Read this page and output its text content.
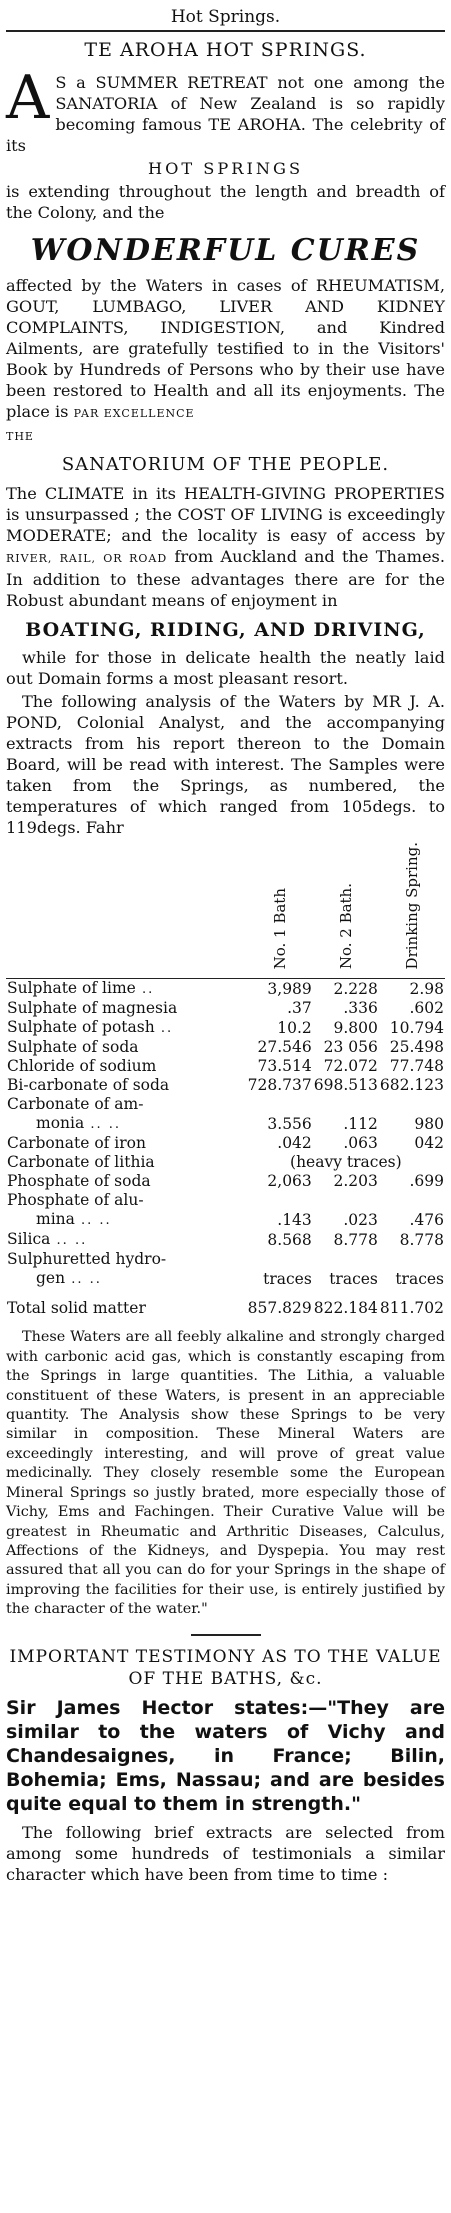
Hot Springs.
TE AROHA HOT SPRINGS.
A S a SUMMER RETREAT not one among the SANATORIA of New Zealand is so rapidly becoming famous TE AROHA. The celebrity of its

HOT SPRINGS

is extending throughout the length and breadth of the Colony, and the

WONDERFUL CURES

affected by the Waters in cases of RHEUMATISM, GOUT, LUMBAGO, LIVER AND KIDNEY COMPLAINTS, INDIGESTION, and Kindred Ailments, are gratefully testified to in the Visitors' Book by Hundreds of Persons who by their use have been restored to Health and all its enjoyments. The place is PAR EXCELLENCE

THE
SANATORIUM OF THE PEOPLE.

The CLIMATE in its HEALTH-GIVING PROPERTIES is unsurpassed ; the COST OF LIVING is exceedingly MODERATE; and the locality is easy of access by RIVER, RAIL, OR ROAD from Auckland and the Thames. In addition to these advantages there are for the Robust abundant means of enjoyment in

BOATING, RIDING, AND DRIVING,

while for those in delicate health the neatly laid out Domain forms a most pleasant resort.

The following analysis of the Waters by MR J. A. POND, Colonial Analyst, and the accompanying extracts from his report thereon to the Domain Board, will be read with interest. The Samples were taken from the Springs, as numbered, the temperatures of which ranged from 105degs. to 119degs. Fahr

	No. 1 Bath	No. 2 Bath.	Drinking Spring.

Sulphate of lime ..	3,989	2.228	2.98
Sulphate of magnesia	.37	.336	.602
Sulphate of potash ..	10.2	9.800	10.794
Sulphate of soda	27.546	23 056	25.498
Chloride of sodium	73.514	72.072	77.748
Bi-carbonate of soda	728.737	698.513	682.123
Carbonate of am-			
monia .. ..	3.556	.112	980
Carbonate of iron	.042	.063	042
Carbonate of lithia	(heavy traces)		
Phosphate of soda	2,063	2.203	.699
Phosphate of alu-			
mina .. ..	.143	.023	.476
Silica .. ..	8.568	8.778	8.778
Sulphuretted hydro-			
gen .. ..	traces	traces	traces
Total solid matter	857.829	822.184	811.702

These Waters are all feebly alkaline and strongly charged with carbonic acid gas, which is constantly escaping from the Springs in large quantities. The Lithia, a valuable constituent of these Waters, is present in an appreciable quantity. The Analysis show these Springs to be very similar in composition. These Mineral Waters are exceedingly interesting, and will prove of great value medicinally. They closely resemble some the European Mineral Springs so justly brated, more especially those of Vichy, Ems and Fachingen. Their Curative Value will be greatest in Rheumatic and Arthritic Diseases, Calculus, Affections of the Kidneys, and Dyspepia. You may rest assured that all you can do for your Springs in the shape of improving the facilities for their use, is entirely justified by the character of the water."

IMPORTANT TESTIMONY AS TO THE VALUE OF THE BATHS, &c.
Sir James Hector states:—"They are similar to the waters of Vichy and Chandesaignes, in France; Bilin, Bohemia; Ems, Nassau; and are besides quite equal to them in strength."

The following brief extracts are selected from among some hundreds of testimonials a similar character which have been from time to time :
